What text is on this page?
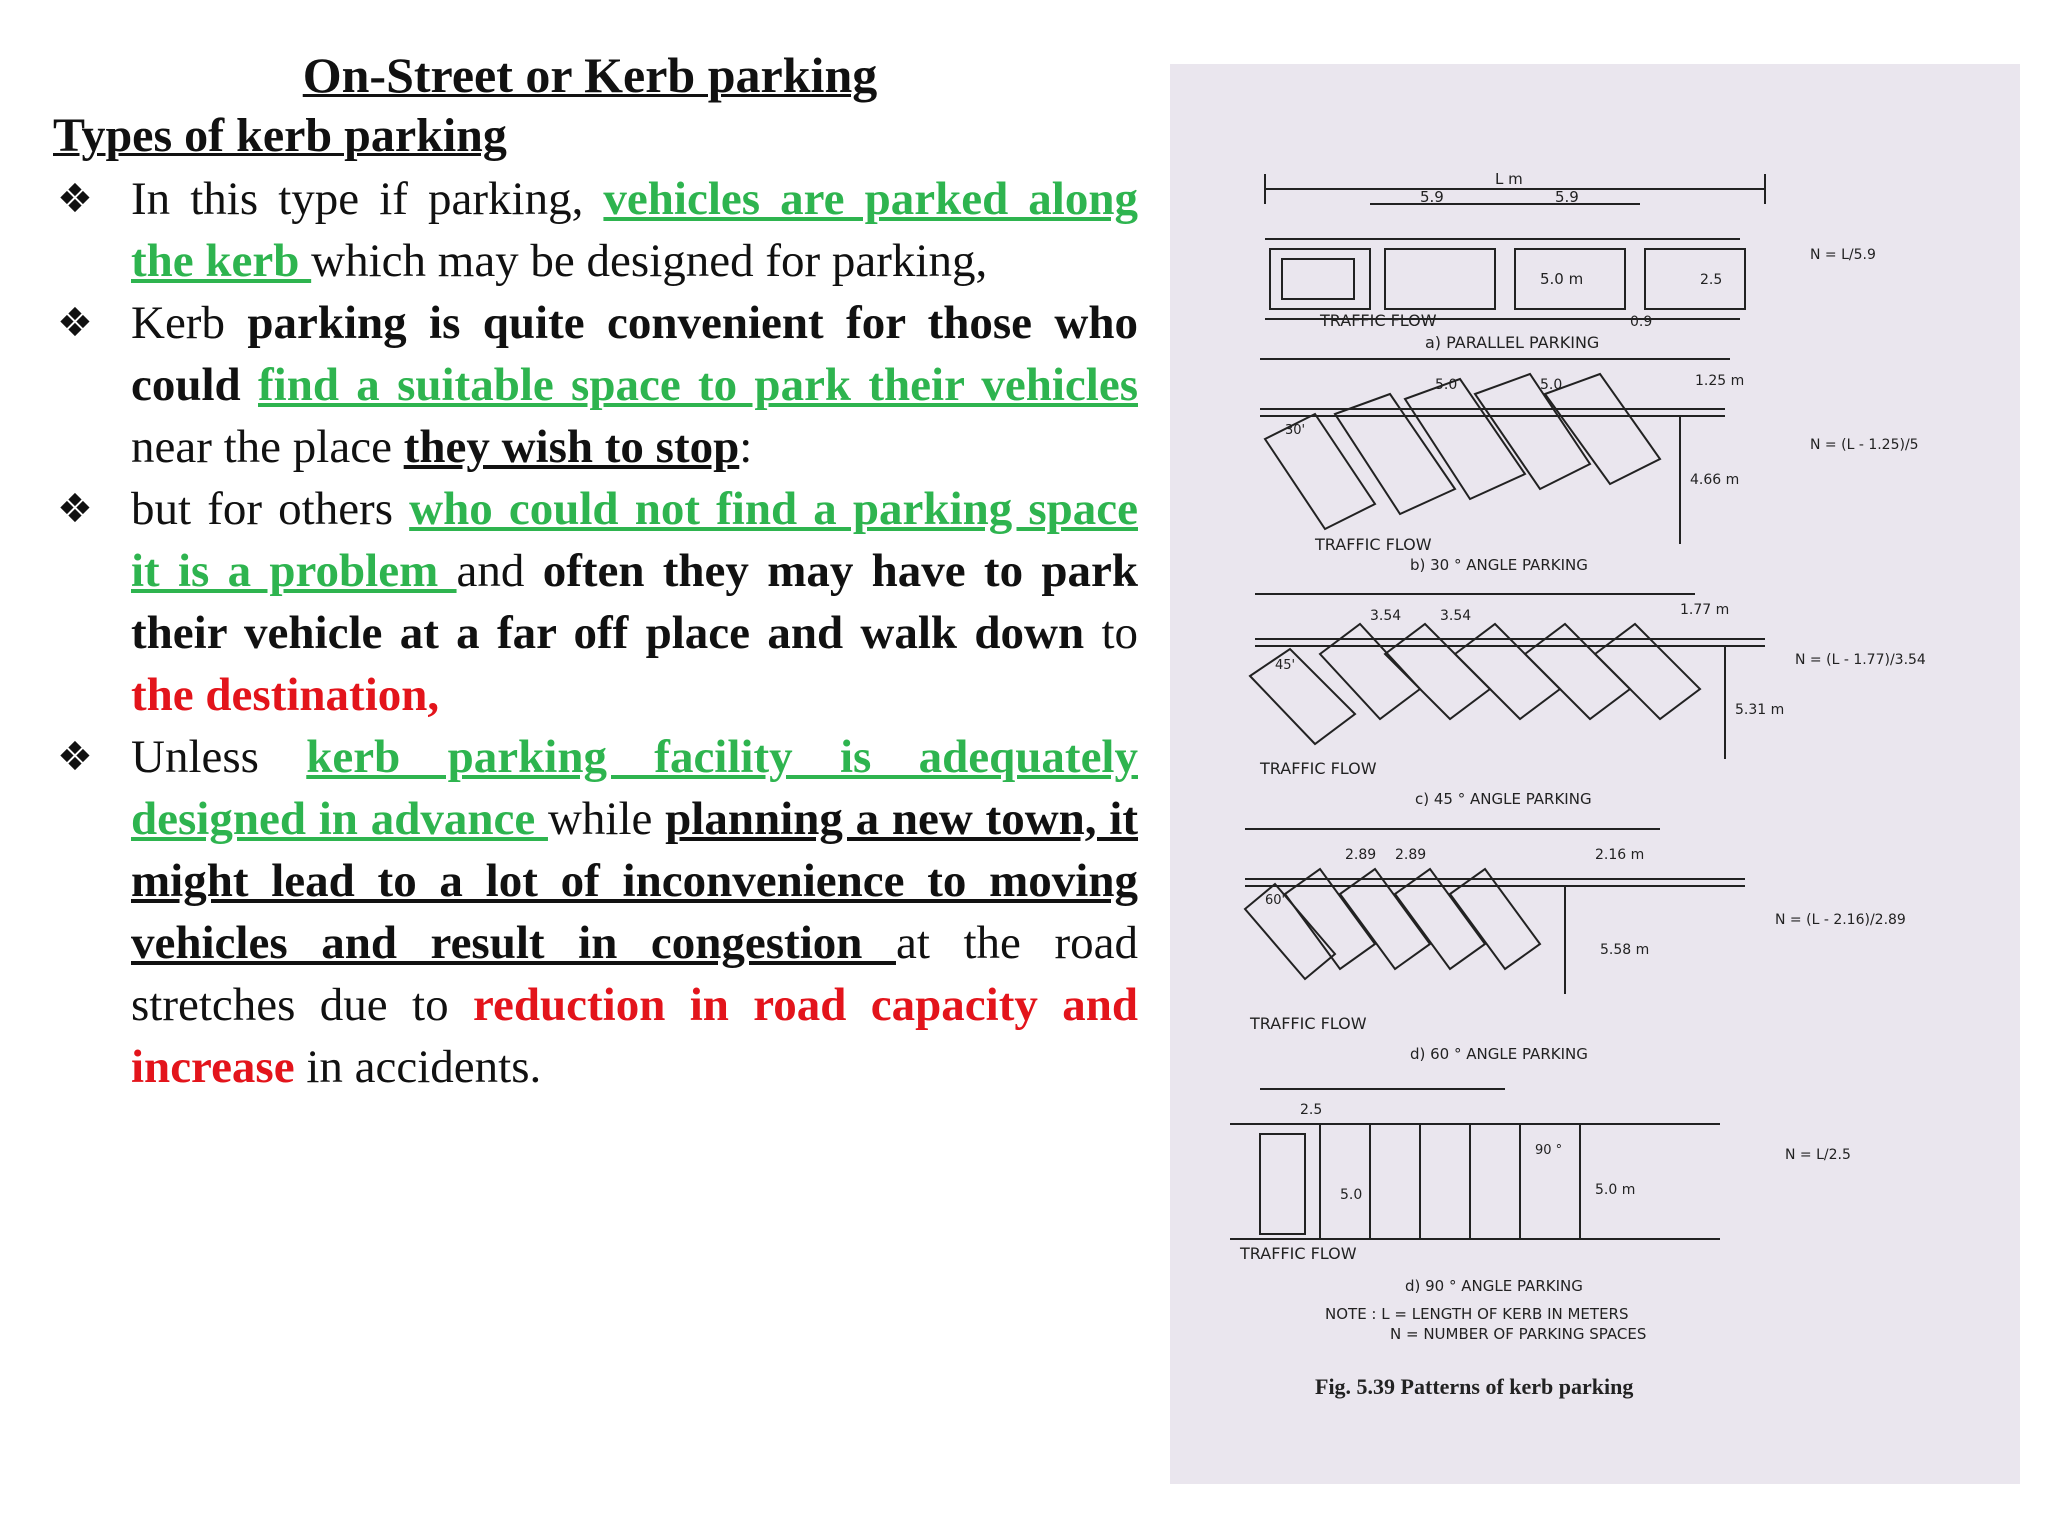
On-Street or Kerb parking
Types of kerb parking

❖ In this type if parking, vehicles are parked along the kerb which may be designed for parking,

❖ Kerb parking is quite convenient for those who could find a suitable space to park their vehicles near the place they wish to stop:

❖ but for others who could not find a parking space it is a problem and often they may have to park their vehicle at a far off place and walk down to the destination,

❖ Unless kerb parking facility is adequately designed in advance while planning a new town, it might lead to a lot of inconvenience to moving vehicles and result in congestion at the road stretches due to reduction in road capacity and increase in accidents.

L m
5.9	5.9
5.0 m	2.5
0.9
N = L/5.9
TRAFFIC FLOW
a) PARALLEL PARKING
5.0	5.0	1.25 m
4.66 m
30'
N = (L - 1.25)/5
TRAFFIC FLOW
b) 30 ° ANGLE PARKING
3.54	3.54	1.77 m
5.31 m
45'	N = (L - 1.77)/3.54
TRAFFIC FLOW
c) 45 ° ANGLE PARKING
2.89 2.89	2.16 m
5.58 m
60'
N = (L - 2.16)/2.89
TRAFFIC FLOW
d) 60 ° ANGLE PARKING
2.5
5.0	5.0 m
90 °	N = L/2.5
TRAFFIC FLOW
d) 90 ° ANGLE PARKING
NOTE : L = LENGTH OF KERB IN METERS
N = NUMBER OF PARKING SPACES
Fig. 5.39 Patterns of kerb parking
